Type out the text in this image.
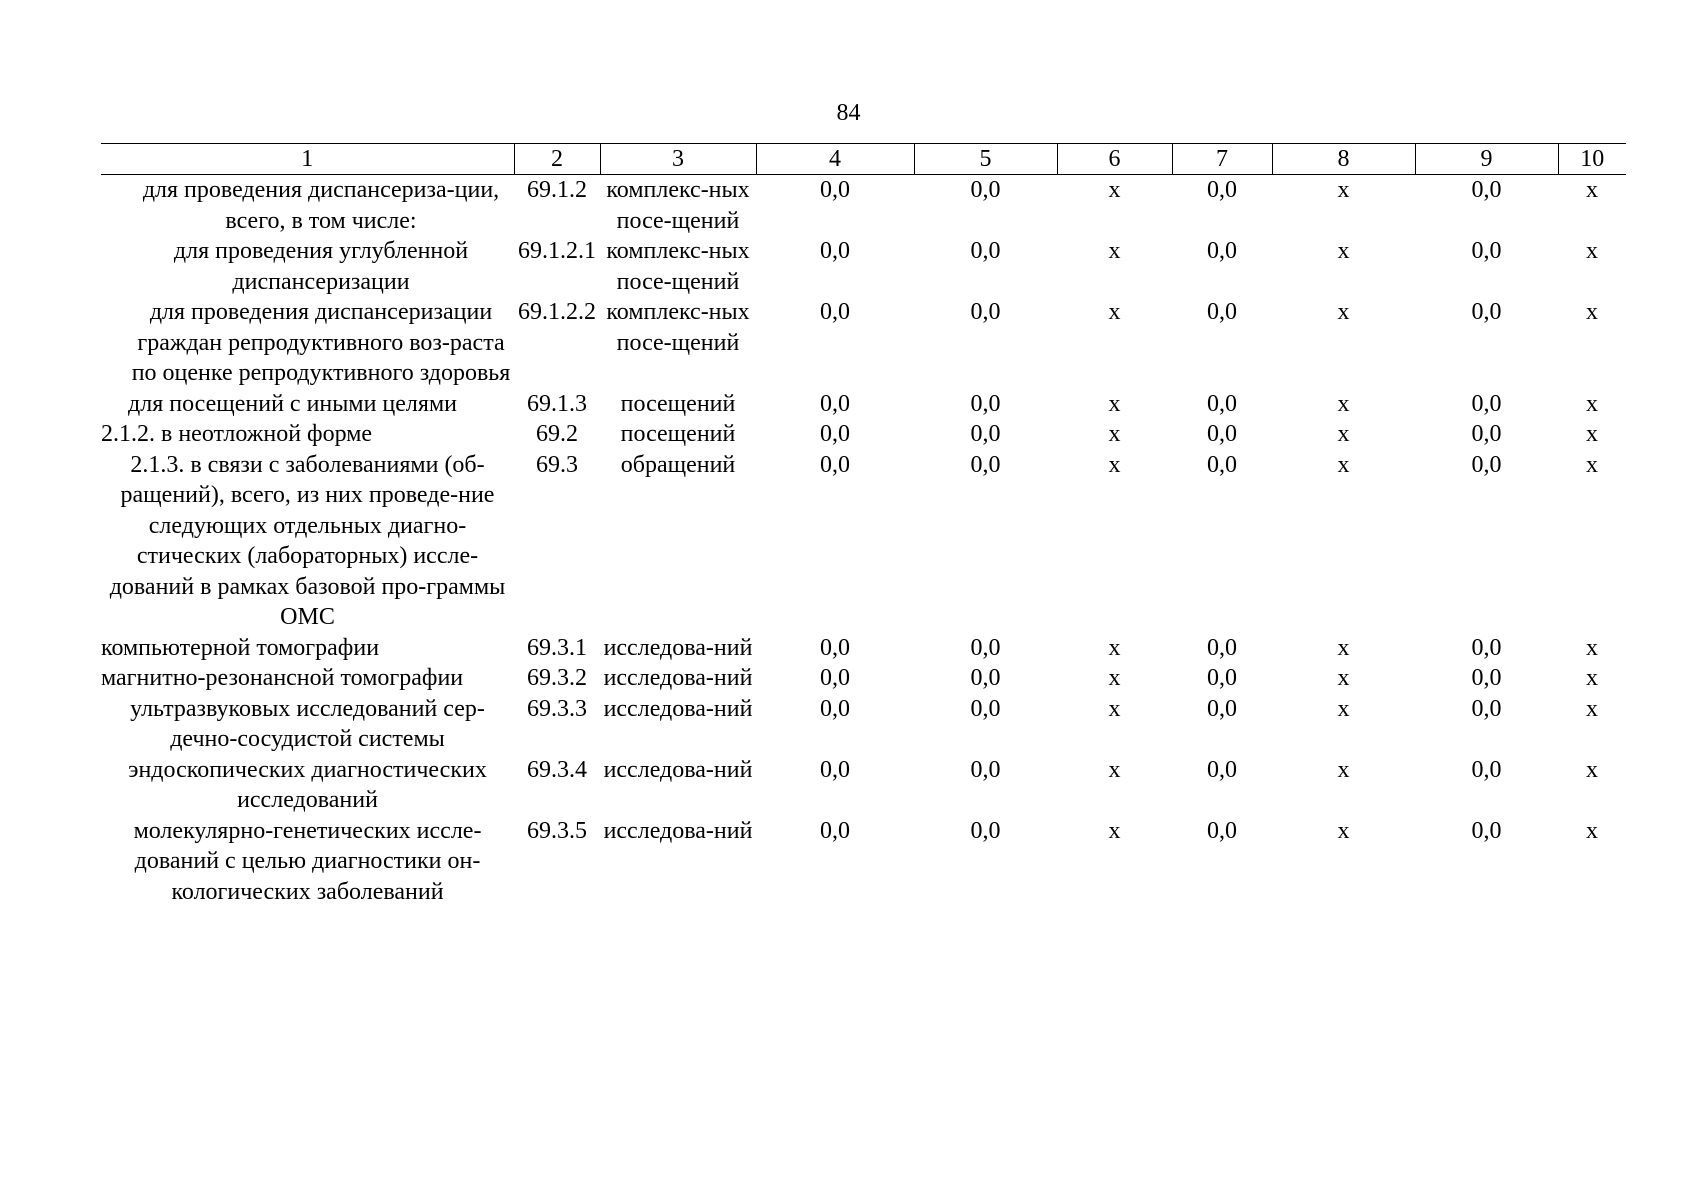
84
1	2	3	4	5	6	7	8	9	10
для проведения диспансериза-ции, всего, в том числе:	69.1.2	комплекс-ных посе-щений	0,0	0,0	х	0,0	х	0,0	х
для проведения углубленной диспансеризации	69.1.2.1	комплекс-ных посе-щений	0,0	0,0	х	0,0	х	0,0	х
для проведения диспансеризации граждан репродуктивного воз-раста по оценке репродуктивного здоровья	69.1.2.2	комплекс-ных посе-щений	0,0	0,0	х	0,0	х	0,0	х
для посещений с иными целями	69.1.3	посещений	0,0	0,0	х	0,0	х	0,0	х
2.1.2. в неотложной форме	69.2	посещений	0,0	0,0	х	0,0	х	0,0	х
2.1.3. в связи с заболеваниями (об-ращений), всего, из них проведе-ние следующих отдельных диагно-стических (лабораторных) иссле-дований в рамках базовой про-граммы ОМС	69.3	обращений	0,0	0,0	х	0,0	х	0,0	х
компьютерной томографии	69.3.1	исследова-ний	0,0	0,0	х	0,0	х	0,0	х
магнитно-резонансной томографии	69.3.2	исследова-ний	0,0	0,0	х	0,0	х	0,0	х
ультразвуковых исследований сер-дечно-сосудистой системы	69.3.3	исследова-ний	0,0	0,0	х	0,0	х	0,0	х
эндоскопических диагностических исследований	69.3.4	исследова-ний	0,0	0,0	х	0,0	х	0,0	х
молекулярно-генетических иссле-дований с целью диагностики он-кологических заболеваний	69.3.5	исследова-ний	0,0	0,0	х	0,0	х	0,0	х
